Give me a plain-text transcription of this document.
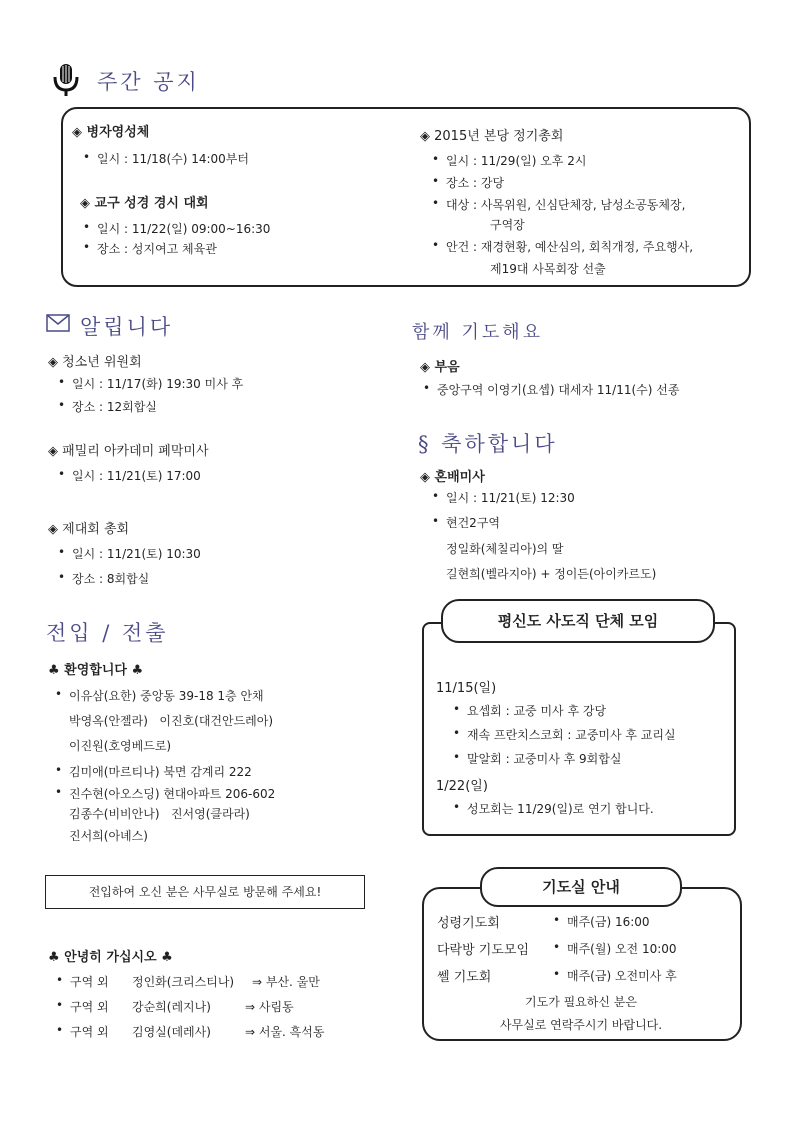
주간 공지
◈ 병자영성체
• 일시 : 11/18(수) 14:00부터
◈ 교구 성경 경시 대회
• 일시 : 11/22(일) 09:00~16:30
• 장소 : 성지여고 체육관
◈ 2015년 본당 정기총회
• 일시 : 11/29(일) 오후 2시
• 장소 : 강당
• 대상 : 사목위원, 신심단체장, 남성소공동체장,
구역장
• 안건 : 재경현황, 예산심의, 회칙개정, 주요행사,
제19대 사목회장 선출
알립니다
◈ 청소년 위원회
• 일시 : 11/17(화) 19:30 미사 후
• 장소 : 12회합실
◈ 패밀리 아카데미 폐막미사
• 일시 : 11/21(토) 17:00
◈ 제대회 총회
• 일시 : 11/21(토) 10:30
• 장소 : 8회합실
함께 기도해요
◈ 부음
• 중앙구역 이영기(요셉) 대세자 11/11(수) 선종
§ 축하합니다
◈ 혼배미사
• 일시 : 11/21(토) 12:30
• 현건2구역
정일화(체칠리아)의 딸
길현희(벨라지아) + 정이든(아이카르도)
전입 / 전출
♣ 환영합니다 ♣
• 이유삼(요한) 중앙동 39-18 1층 안채
박영옥(안젤라)   이진호(대건안드레아)
이진원(호영베드로)
• 김미애(마르티나) 북면 감계리 222
• 진수현(아오스딩) 현대아파트 206-602
김종수(비비안나)   진서영(클라라)
진서희(아녜스)
전입하여 오신 분은 사무실로 방문해 주세요!
♣ 안녕히 가십시오 ♣
• 구역 외 정인화(크리스티나) ⇒ 부산. 울만
• 구역 외 강순희(레지나)	⇒ 사림동
• 구역 외 김영실(데레사)	⇒ 서울. 흑석동
평신도 사도직 단체 모임
11/15(일)
• 요셉회 : 교중 미사 후 강당
• 재속 프란치스코회 : 교중미사 후 교리실
• 말알회 : 교중미사 후 9회합실
1/22(일)
• 성모회는 11/29(일)로 연기 합니다.
기도실 안내
성령기도회	• 매주(금) 16:00
다락방 기도모임	• 매주(월) 오전 10:00
쎌 기도회	• 매주(금) 오전미사 후
기도가 필요하신 분은
사무실로 연락주시기 바랍니다.
